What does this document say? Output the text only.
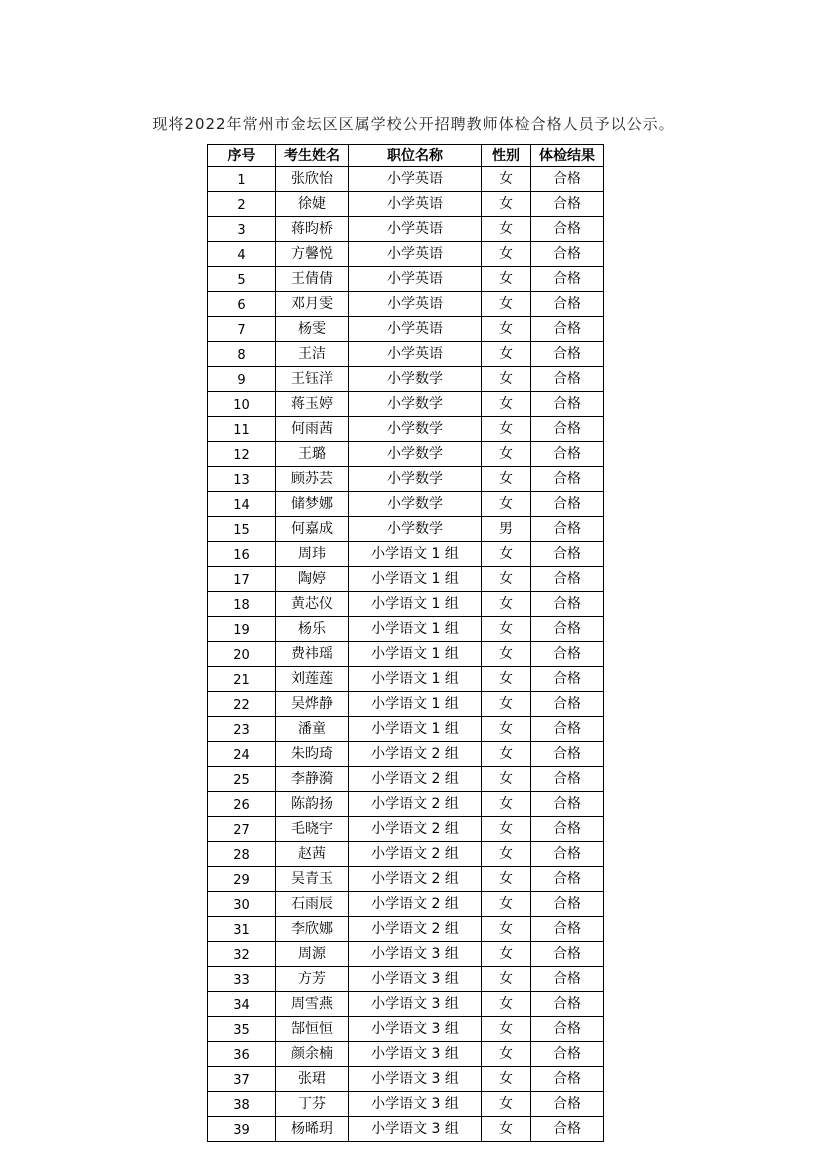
现将2022年常州市金坛区区属学校公开招聘教师体检合格人员予以公示。
序号	考生姓名	职位名称	性别	体检结果
1	张欣怡	小学英语	女	合格
2	徐婕	小学英语	女	合格
3	蒋昀桥	小学英语	女	合格
4	方馨悦	小学英语	女	合格
5	王倩倩	小学英语	女	合格
6	邓月雯	小学英语	女	合格
7	杨雯	小学英语	女	合格
8	王洁	小学英语	女	合格
9	王钰洋	小学数学	女	合格
10	蒋玉婷	小学数学	女	合格
11	何雨茜	小学数学	女	合格
12	王璐	小学数学	女	合格
13	顾苏芸	小学数学	女	合格
14	储梦娜	小学数学	女	合格
15	何嘉成	小学数学	男	合格
16	周玮	小学语文 1 组	女	合格
17	陶婷	小学语文 1 组	女	合格
18	黄芯仪	小学语文 1 组	女	合格
19	杨乐	小学语文 1 组	女	合格
20	费祎瑶	小学语文 1 组	女	合格
21	刘莲莲	小学语文 1 组	女	合格
22	吴烨静	小学语文 1 组	女	合格
23	潘童	小学语文 1 组	女	合格
24	朱昀琦	小学语文 2 组	女	合格
25	李静漪	小学语文 2 组	女	合格
26	陈韵扬	小学语文 2 组	女	合格
27	毛晓宇	小学语文 2 组	女	合格
28	赵茜	小学语文 2 组	女	合格
29	吴青玉	小学语文 2 组	女	合格
30	石雨辰	小学语文 2 组	女	合格
31	李欣娜	小学语文 2 组	女	合格
32	周源	小学语文 3 组	女	合格
33	方芳	小学语文 3 组	女	合格
34	周雪燕	小学语文 3 组	女	合格
35	郜恒恒	小学语文 3 组	女	合格
36	颜余楠	小学语文 3 组	女	合格
37	张珺	小学语文 3 组	女	合格
38	丁芬	小学语文 3 组	女	合格
39	杨晞玥	小学语文 3 组	女	合格
